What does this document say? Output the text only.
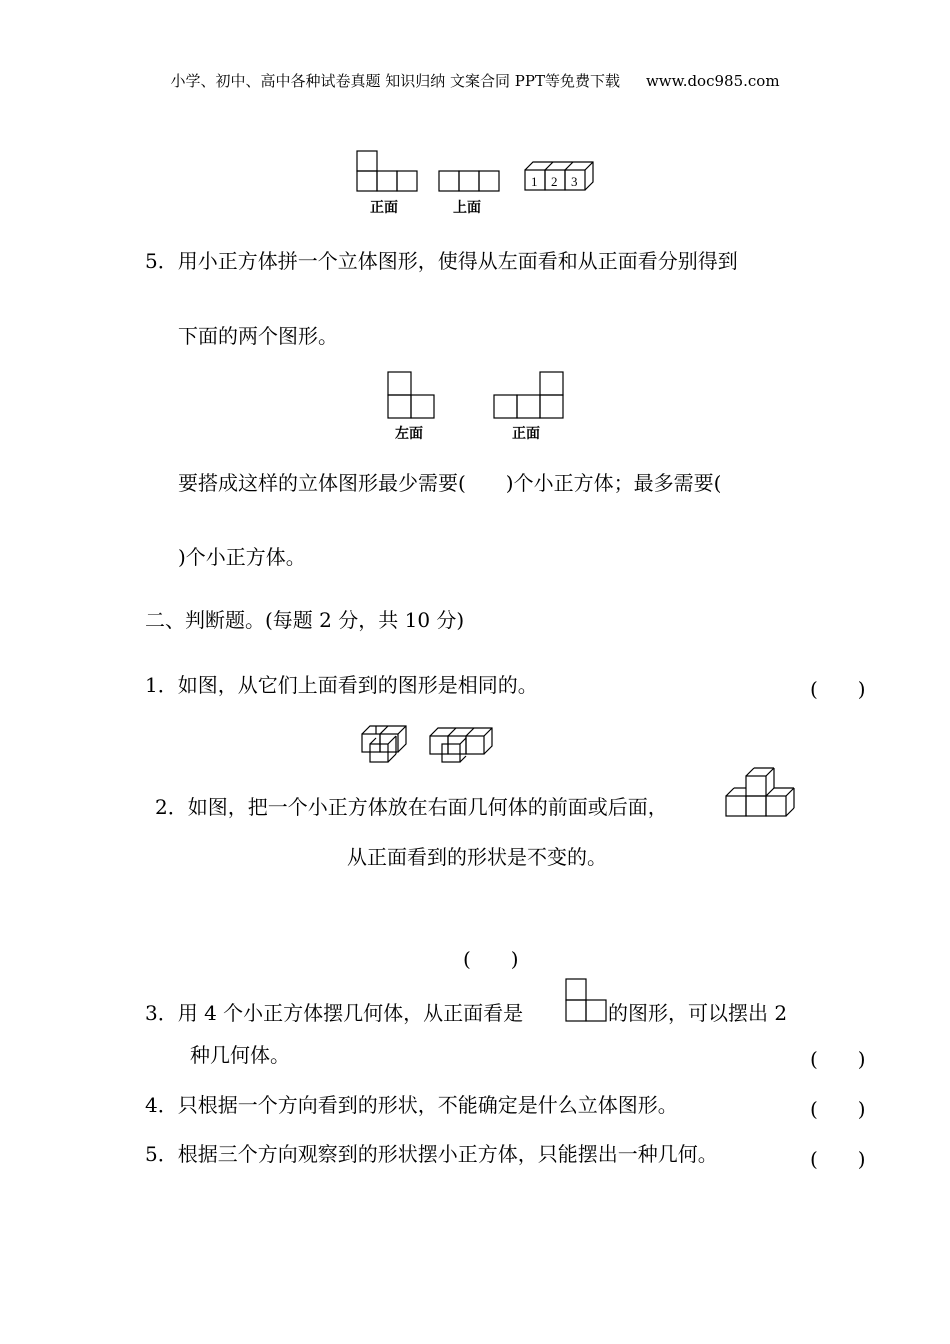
小学、初中、高中各种试卷真题 知识归纳 文案合同 PPT等免费下载 www.doc985.com
正面	上面
1 2 3
5．用小正方体拼一个立体图形，使得从左面看和从正面看分别得到
下面的两个图形。
左面	正面
要搭成这样的立体图形最少需要(　　)个小正方体；最多需要(
)个小正方体。
二、判断题。(每题 2 分，共 10 分)
1．如图，从它们上面看到的图形是相同的。	(　　)
2．如图，把一个小正方体放在右面几何体的前面或后面，
从正面看到的形状是不变的。
(　　)
3．用 4 个小正方体摆几何体，从正面看是	的图形，可以摆出 2
种几何体。	(　　)
4．只根据一个方向看到的形状，不能确定是什么立体图形。	(　　)
5．根据三个方向观察到的形状摆小正方体，只能摆出一种几何。	(　　)
